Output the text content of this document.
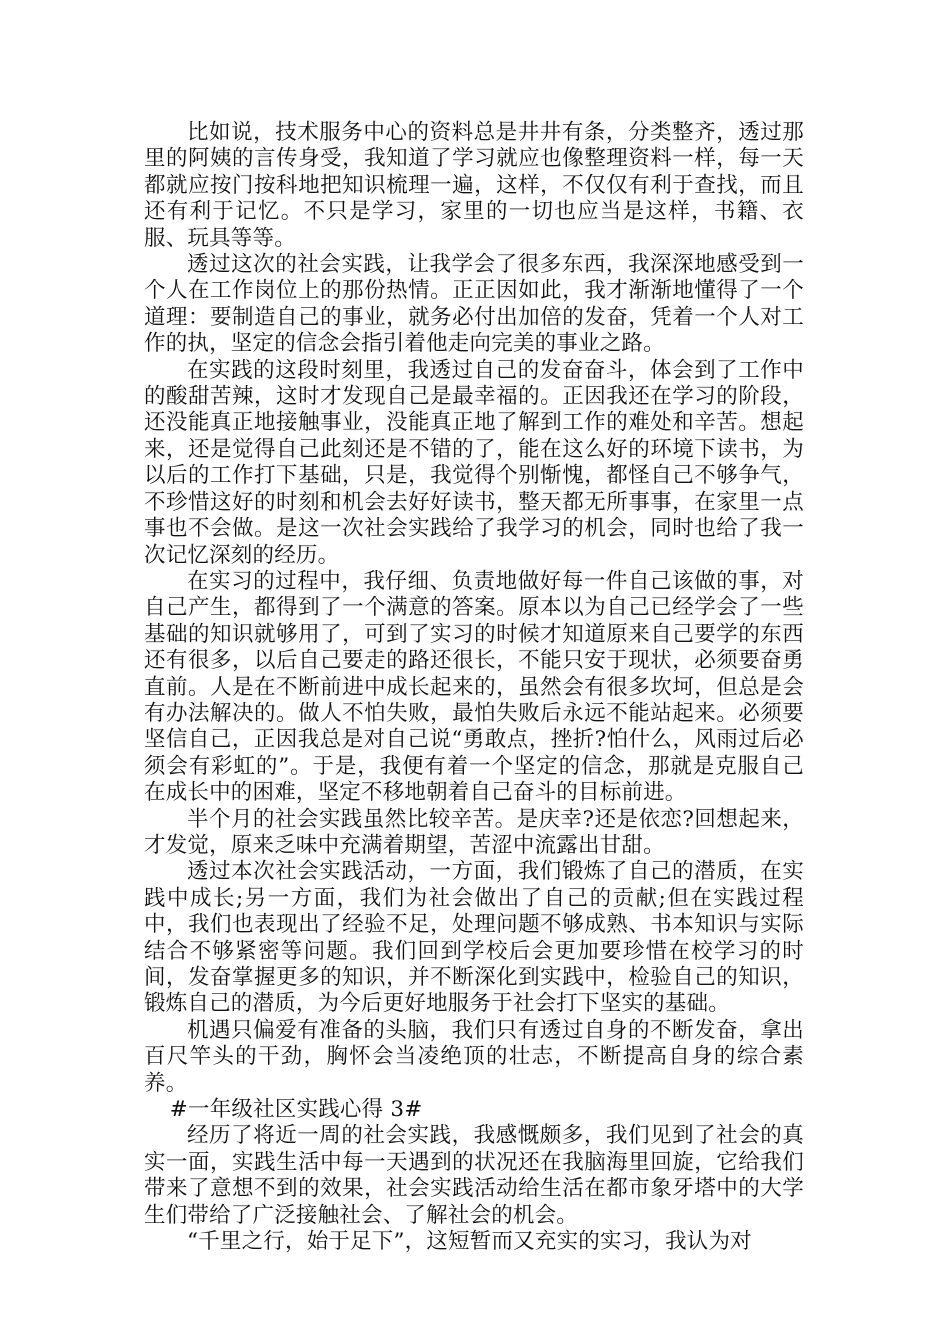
比如说，技术服务中心的资料总是井井有条，分类整齐，透过那里的阿姨的言传身受，我知道了学习就应也像整理资料一样，每一天都就应按门按科地把知识梳理一遍，这样，不仅仅有利于查找，而且还有利于记忆。不只是学习，家里的一切也应当是这样，书籍、衣服、玩具等等。

透过这次的社会实践，让我学会了很多东西，我深深地感受到一个人在工作岗位上的那份热情。正正因如此，我才渐渐地懂得了一个道理：要制造自己的事业，就务必付出加倍的发奋，凭着一个人对工作的执，坚定的信念会指引着他走向完美的事业之路。

在实践的这段时刻里，我透过自己的发奋奋斗，体会到了工作中的酸甜苦辣，这时才发现自己是最幸福的。正因我还在学习的阶段，还没能真正地接触事业，没能真正地了解到工作的难处和辛苦。想起来，还是觉得自己此刻还是不错的了，能在这么好的环境下读书，为以后的工作打下基础，只是，我觉得个别惭愧，都怪自己不够争气，不珍惜这好的时刻和机会去好好读书，整天都无所事事，在家里一点事也不会做。是这一次社会实践给了我学习的机会，同时也给了我一次记忆深刻的经历。

在实习的过程中，我仔细、负责地做好每一件自己该做的事，对自己产生，都得到了一个满意的答案。原本以为自己已经学会了一些基础的知识就够用了，可到了实习的时候才知道原来自己要学的东西还有很多，以后自己要走的路还很长，不能只安于现状，必须要奋勇直前。人是在不断前进中成长起来的，虽然会有很多坎坷，但总是会有办法解决的。做人不怕失败，最怕失败后永远不能站起来。必须要坚信自己，正因我总是对自己说“勇敢点，挫折?怕什么，风雨过后必须会有彩虹的”。于是，我便有着一个坚定的信念，那就是克服自己在成长中的困难，坚定不移地朝着自己奋斗的目标前进。

半个月的社会实践虽然比较辛苦。是庆幸?还是依恋?回想起来，才发觉，原来乏味中充满着期望，苦涩中流露出甘甜。

透过本次社会实践活动，一方面，我们锻炼了自己的潜质，在实践中成长;另一方面，我们为社会做出了自己的贡献;但在实践过程中，我们也表现出了经验不足，处理问题不够成熟、书本知识与实际结合不够紧密等问题。我们回到学校后会更加要珍惜在校学习的时间，发奋掌握更多的知识，并不断深化到实践中，检验自己的知识，锻炼自己的潜质，为今后更好地服务于社会打下坚实的基础。

机遇只偏爱有准备的头脑，我们只有透过自身的不断发奋，拿出百尺竿头的干劲，胸怀会当凌绝顶的壮志，不断提高自身的综合素养。

#一年级社区实践心得 3#

经历了将近一周的社会实践，我感慨颇多，我们见到了社会的真实一面，实践生活中每一天遇到的状况还在我脑海里回旋，它给我们带来了意想不到的效果，社会实践活动给生活在都市象牙塔中的大学生们带给了广泛接触社会、了解社会的机会。

“千里之行，始于足下”，这短暂而又充实的实习，我认为对
